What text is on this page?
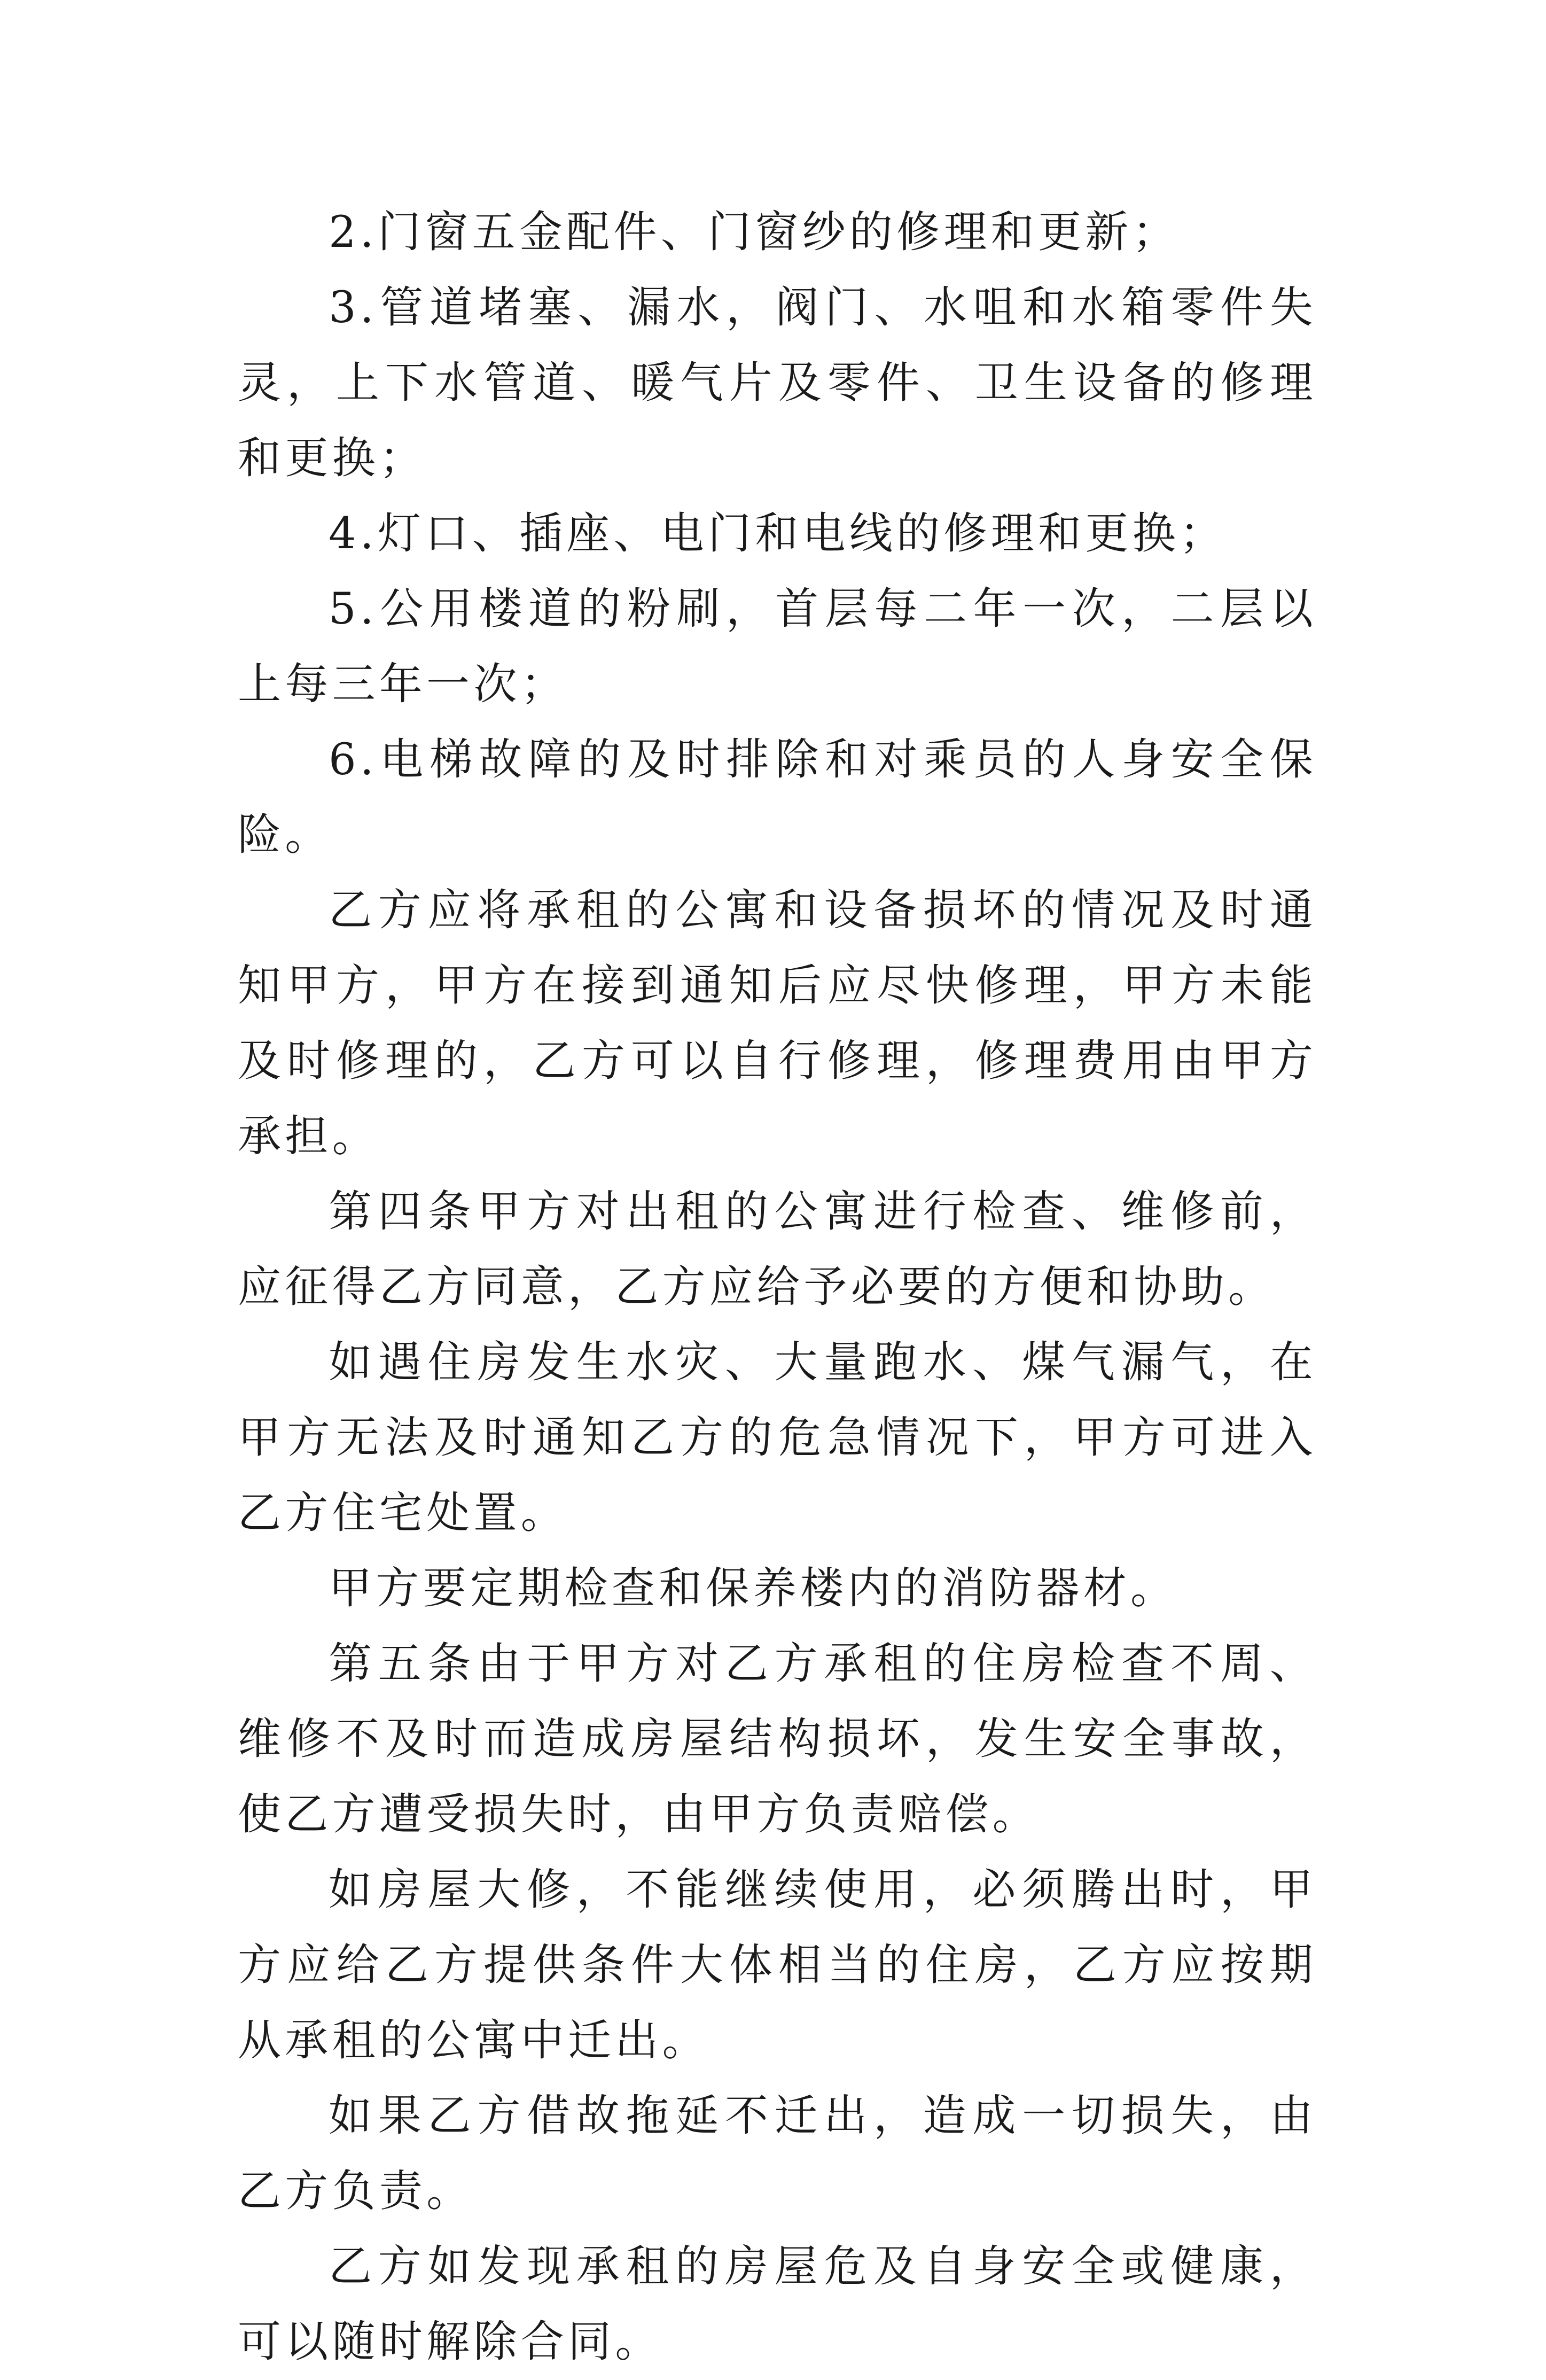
2.门窗五金配件、门窗纱的修理和更新；

3.管道堵塞、漏水，阀门、水咀和水箱零件失灵，上下水管道、暖气片及零件、卫生设备的修理和更换；

4.灯口、插座、电门和电线的修理和更换；

5.公用楼道的粉刷，首层每二年一次，二层以上每三年一次；

6.电梯故障的及时排除和对乘员的人身安全保险。

乙方应将承租的公寓和设备损坏的情况及时通知甲方，甲方在接到通知后应尽快修理，甲方未能及时修理的，乙方可以自行修理，修理费用由甲方承担。

第四条甲方对出租的公寓进行检查、维修前，应征得乙方同意，乙方应给予必要的方便和协助。

如遇住房发生水灾、大量跑水、煤气漏气，在甲方无法及时通知乙方的危急情况下，甲方可进入乙方住宅处置。

甲方要定期检查和保养楼内的消防器材。

第五条由于甲方对乙方承租的住房检查不周、维修不及时而造成房屋结构损坏，发生安全事故，使乙方遭受损失时，由甲方负责赔偿。

如房屋大修，不能继续使用，必须腾出时，甲方应给乙方提供条件大体相当的住房，乙方应按期从承租的公寓中迁出。

如果乙方借故拖延不迁出，造成一切损失，由乙方负责。

乙方如发现承租的房屋危及自身安全或健康，可以随时解除合同。
